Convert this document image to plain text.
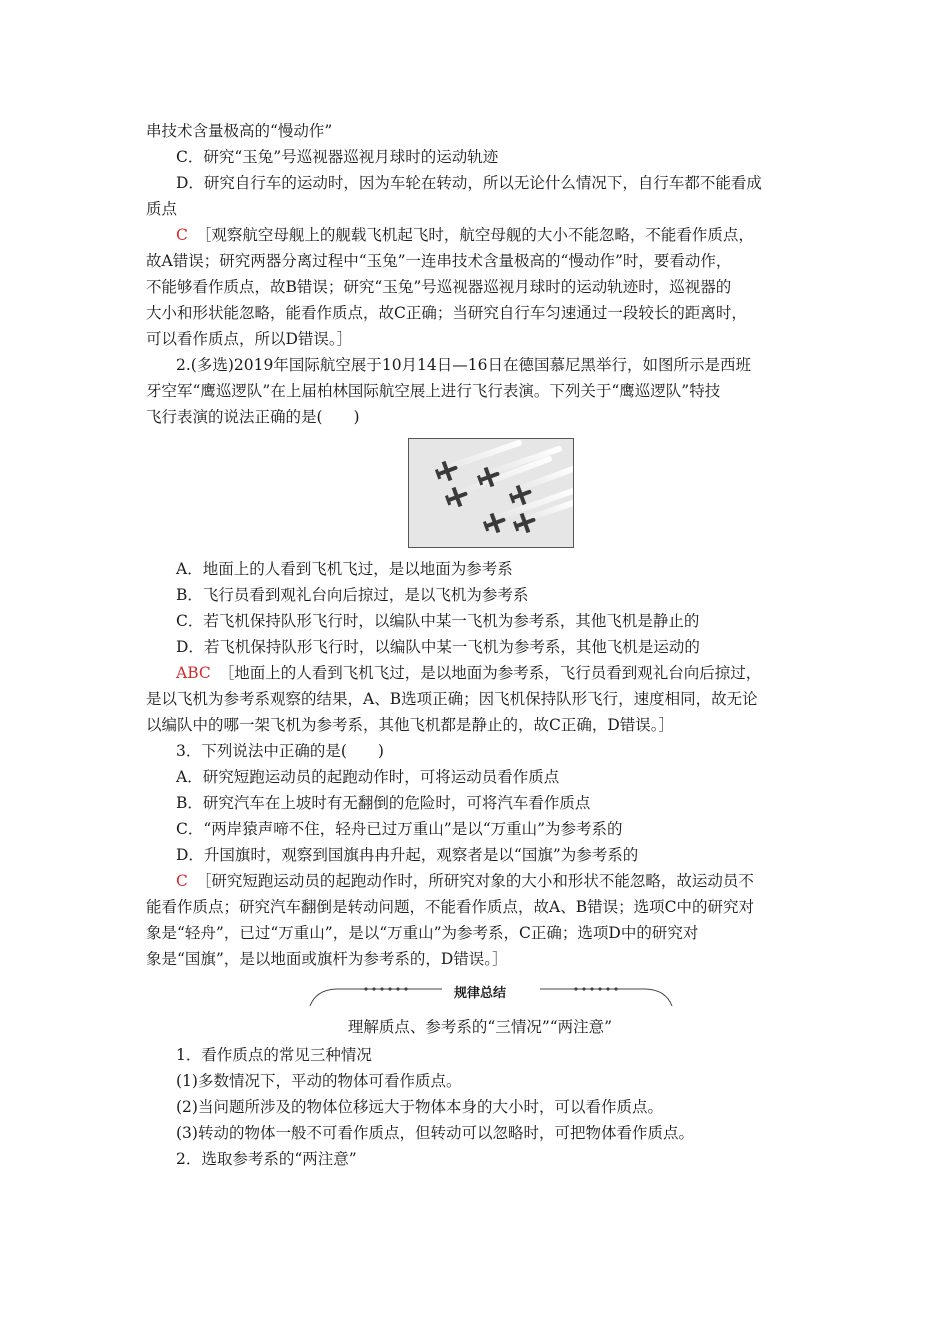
串技术含量极高的“慢动作”
C．研究“玉兔”号巡视器巡视月球时的运动轨迹
D．研究自行车的运动时，因为车轮在转动，所以无论什么情况下，自行车都不能看成
质点
C ［观察航空母舰上的舰载飞机起飞时，航空母舰的大小不能忽略，不能看作质点，
故A错误；研究两器分离过程中“玉兔”一连串技术含量极高的“慢动作”时，要看动作，
不能够看作质点，故B错误；研究“玉兔”号巡视器巡视月球时的运动轨迹时，巡视器的
大小和形状能忽略，能看作质点，故C正确；当研究自行车匀速通过一段较长的距离时，
可以看作质点，所以D错误。］
2.(多选)2019年国际航空展于10月14日—16日在德国慕尼黑举行，如图所示是西班
牙空军“鹰巡逻队”在上届柏林国际航空展上进行飞行表演。下列关于“鹰巡逻队”特技
飞行表演的说法正确的是(　　)
A．地面上的人看到飞机飞过，是以地面为参考系
B．飞行员看到观礼台向后掠过，是以飞机为参考系
C．若飞机保持队形飞行时，以编队中某一飞机为参考系，其他飞机是静止的
D．若飞机保持队形飞行时，以编队中某一飞机为参考系，其他飞机是运动的
ABC ［地面上的人看到飞机飞过，是以地面为参考系，飞行员看到观礼台向后掠过，
是以飞机为参考系观察的结果，A、B选项正确；因飞机保持队形飞行，速度相同，故无论
以编队中的哪一架飞机为参考系，其他飞机都是静止的，故C正确，D错误。］
3．下列说法中正确的是(　　)
A．研究短跑运动员的起跑动作时，可将运动员看作质点
B．研究汽车在上坡时有无翻倒的危险时，可将汽车看作质点
C．“两岸猿声啼不住，轻舟已过万重山”是以“万重山”为参考系的
D．升国旗时，观察到国旗冉冉升起，观察者是以“国旗”为参考系的
C ［研究短跑运动员的起跑动作时，所研究对象的大小和形状不能忽略，故运动员不
能看作质点；研究汽车翻倒是转动问题，不能看作质点，故A、B错误；选项C中的研究对
象是“轻舟”，已过“万重山”，是以“万重山”为参考系，C正确；选项D中的研究对
象是“国旗”，是以地面或旗杆为参考系的，D错误。］
规律总结
理解质点、参考系的“三情况”“两注意”
1．看作质点的常见三种情况
(1)多数情况下，平动的物体可看作质点。
(2)当问题所涉及的物体位移远大于物体本身的大小时，可以看作质点。
(3)转动的物体一般不可看作质点，但转动可以忽略时，可把物体看作质点。
2．选取参考系的“两注意”
